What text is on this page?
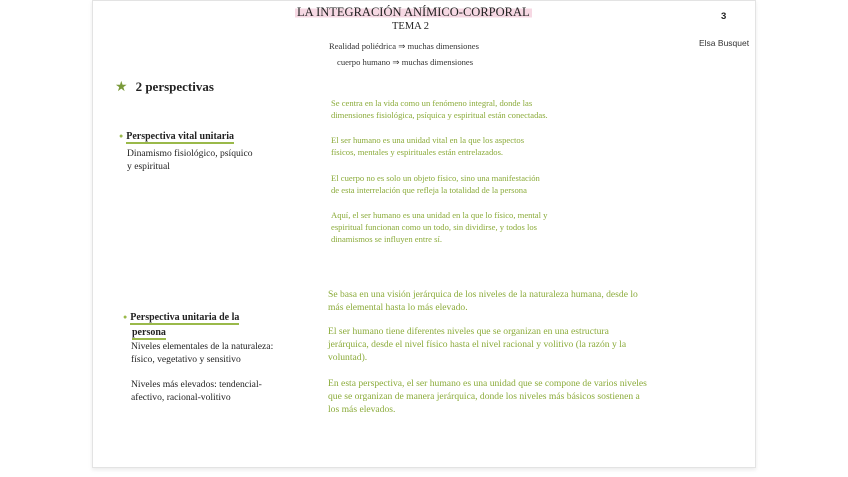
LA INTEGRACIÓN ANÍMICO-CORPORAL
TEMA 2
3
Elsa Busquet
Realidad poliédrica ⇒ muchas dimensiones
cuerpo humano ⇒ muchas dimensiones
★ 2 perspectivas
● Perspectiva vital unitaria
Dinamismo fisiológico, psíquico
y espiritual
Se centra en la vida como un fenómeno integral, donde las
dimensiones fisiológica, psíquica y espiritual están conectadas.
El ser humano es una unidad vital en la que los aspectos
físicos, mentales y espirituales están entrelazados.
El cuerpo no es solo un objeto físico, sino una manifestación
de esta interrelación que refleja la totalidad de la persona
Aquí, el ser humano es una unidad en la que lo físico, mental y
espiritual funcionan como un todo, sin dividirse, y todos los
dinamismos se influyen entre sí.
● Perspectiva unitaria de la
persona
Niveles elementales de la naturaleza:
físico, vegetativo y sensitivo
Niveles más elevados: tendencial-
afectivo, racional-volitivo
Se basa en una visión jerárquica de los niveles de la naturaleza humana, desde lo
más elemental hasta lo más elevado.
El ser humano tiene diferentes niveles que se organizan en una estructura
jerárquica, desde el nivel físico hasta el nivel racional y volitivo (la razón y la
voluntad).
En esta perspectiva, el ser humano es una unidad que se compone de varios niveles
que se organizan de manera jerárquica, donde los niveles más básicos sostienen a
los más elevados.
